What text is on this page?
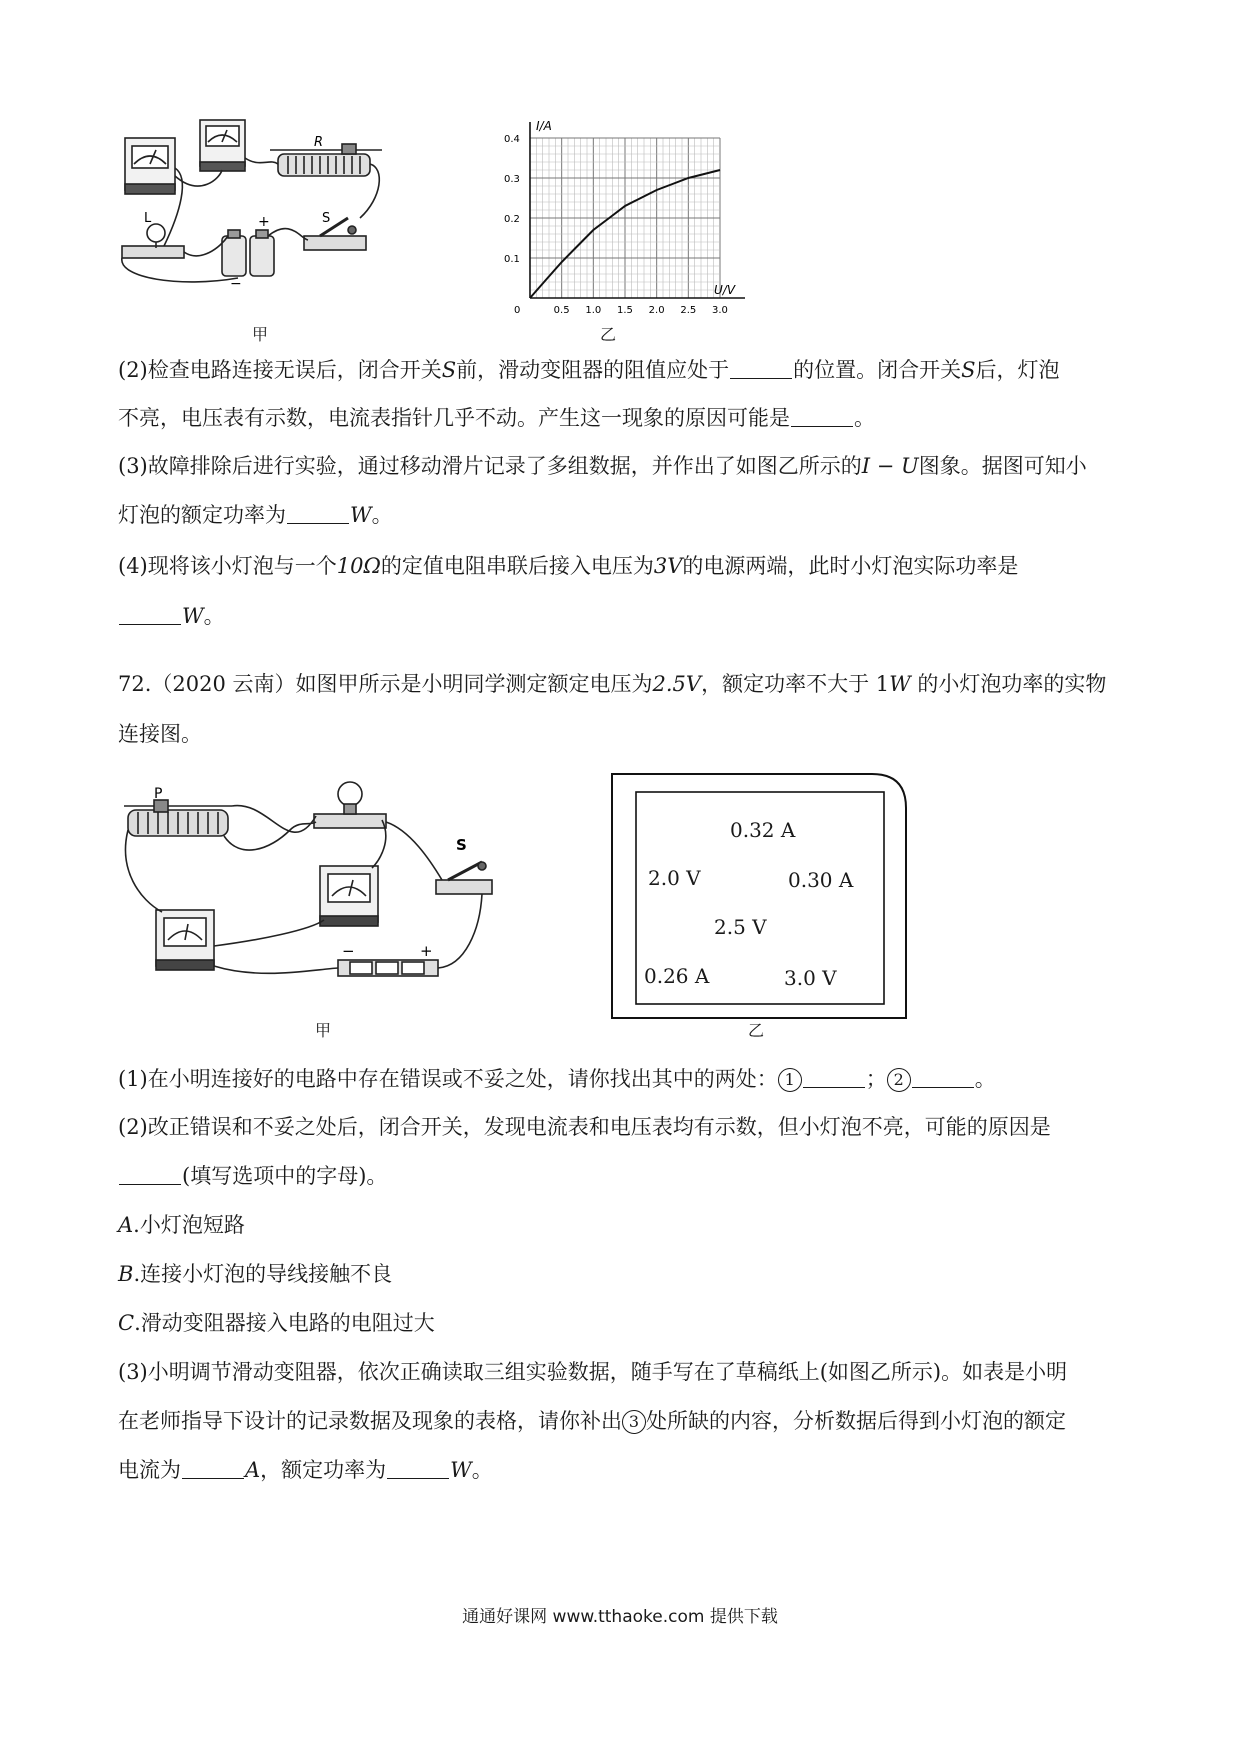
L
R
S
+
−
甲
I/A
U/V
0.4
0.3
0.2
0.1
0	0.5 1.0 1.5 2.0 2.5 3.0
乙
(2)检查电路连接无误后，闭合开关S前，滑动变阻器的阻值应处于	的位置。闭合开关S后，灯泡
不亮，电压表有示数，电流表指针几乎不动。产生这一现象的原因可能是	。
(3)故障排除后进行实验，通过移动滑片记录了多组数据，并作出了如图乙所示的I − U图象。据图可知小
灯泡的额定功率为	W。
(4)现将该小灯泡与一个10Ω的定值电阻串联后接入电压为3V的电源两端，此时小灯泡实际功率是
W。
72.（2020 云南）如图甲所示是小明同学测定额定电压为2.5V，额定功率不大于 1W 的小灯泡功率的实物
连接图。
P
S
−	+
甲
0.32 A
2.0 V	0.30 A
2.5 V
0.26 A	3.0 V
乙
(1)在小明连接好的电路中存在错误或不妥之处，请你找出其中的两处： 1	； 2	。
(2)改正错误和不妥之处后，闭合开关，发现电流表和电压表均有示数，但小灯泡不亮，可能的原因是
(填写选项中的字母)。
A.小灯泡短路
B.连接小灯泡的导线接触不良
C.滑动变阻器接入电路的电阻过大
(3)小明调节滑动变阻器，依次正确读取三组实验数据，随手写在了草稿纸上(如图乙所示)。如表是小明
在老师指导下设计的记录数据及现象的表格，请你补出 3 处所缺的内容，分析数据后得到小灯泡的额定
电流为	A，额定功率为	W。
通通好课网 www.tthaoke.com 提供下载
